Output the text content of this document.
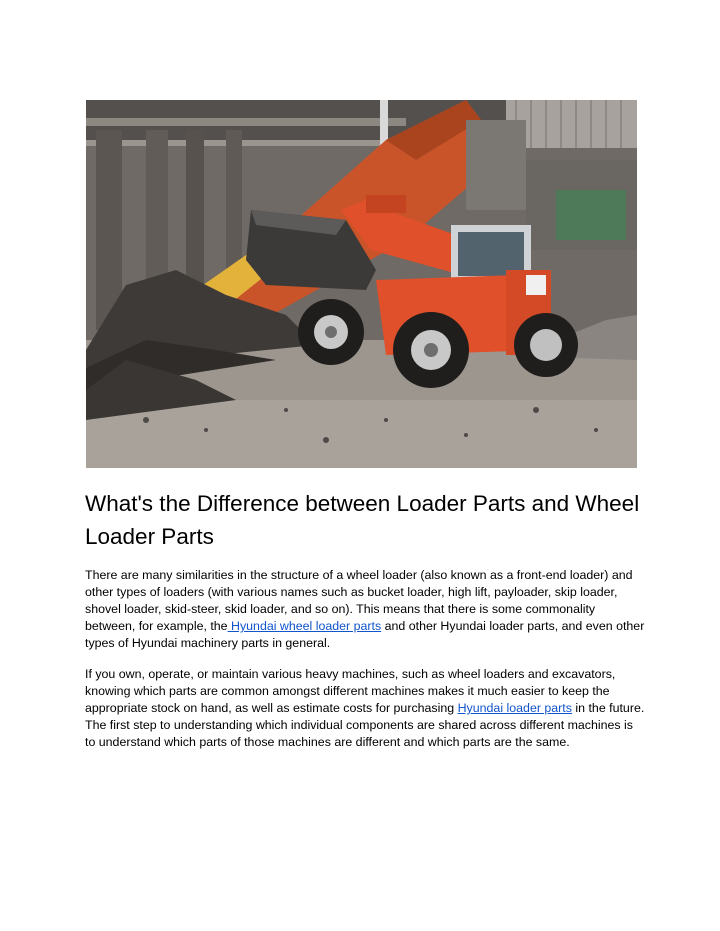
What's the Difference between Loader Parts and Wheel Loader Parts

There are many similarities in the structure of a wheel loader (also known as a front-end loader) and other types of loaders (with various names such as bucket loader, high lift, payloader, skip loader, shovel loader, skid-steer, skid loader, and so on). This means that there is some commonality between, for example, the Hyundai wheel loader parts and other Hyundai loader parts, and even other types of Hyundai machinery parts in general.

If you own, operate, or maintain various heavy machines, such as wheel loaders and excavators, knowing which parts are common amongst different machines makes it much easier to keep the appropriate stock on hand, as well as estimate costs for purchasing Hyundai loader parts in the future. The first step to understanding which individual components are shared across different machines is to understand which parts of those machines are different and which parts are the same.
